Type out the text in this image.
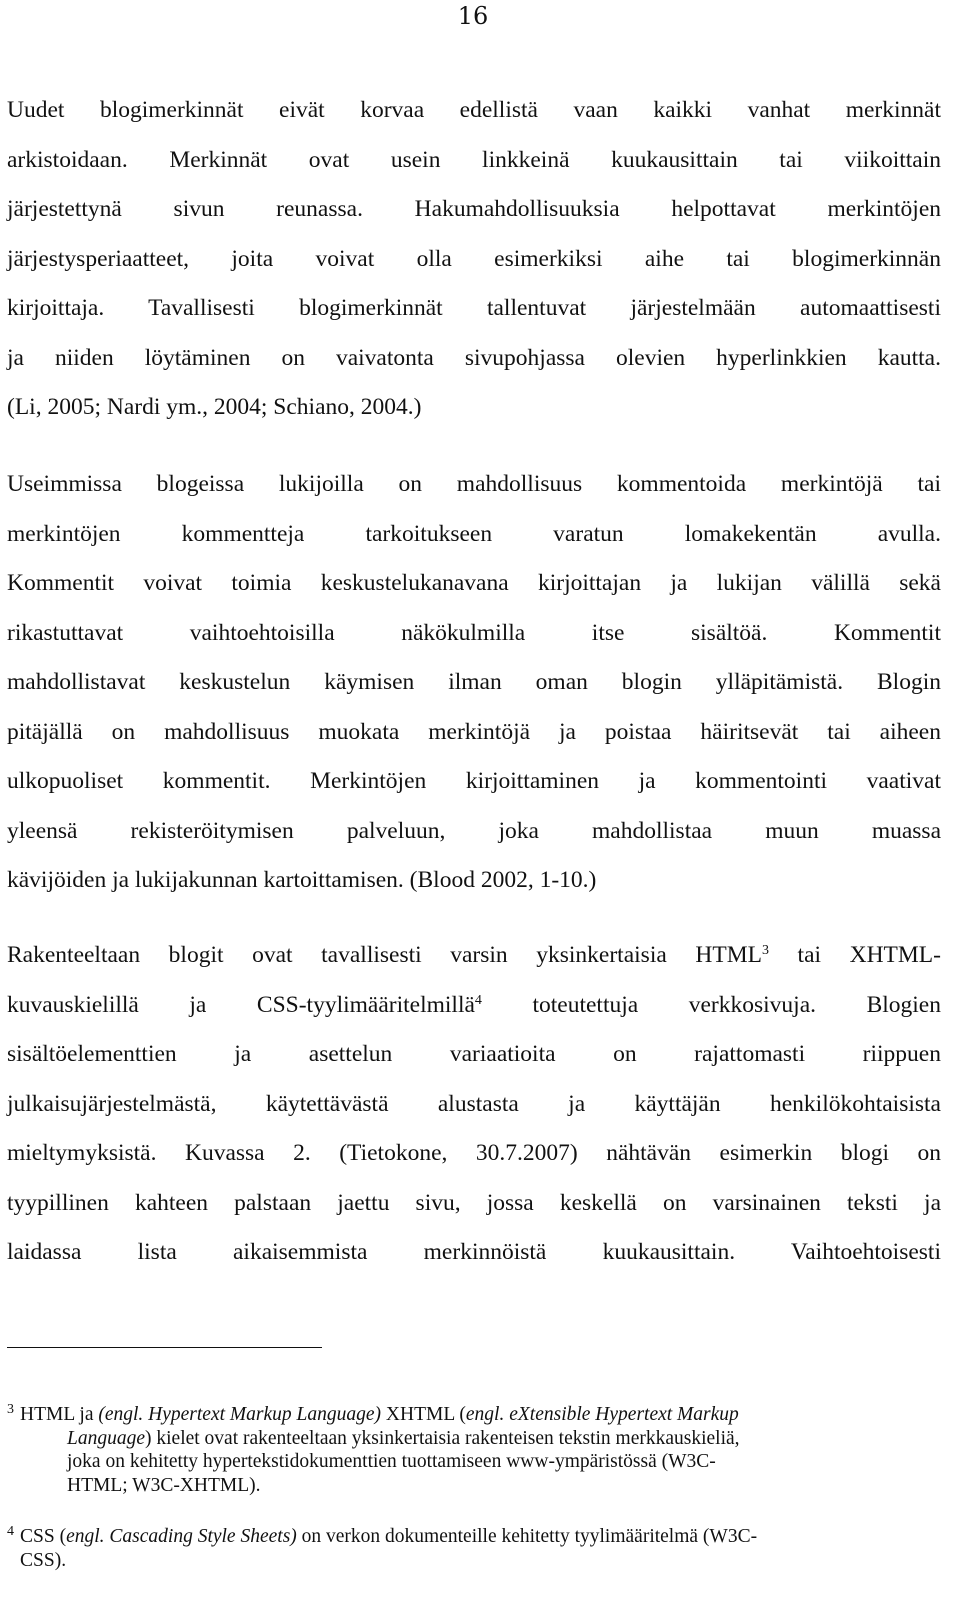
16
Uudet blogimerkinnät eivät korvaa edellistä vaan kaikki vanhat merkinnät
arkistoidaan. Merkinnät ovat usein linkkeinä kuukausittain tai viikoittain
järjestettynä sivun reunassa. Hakumahdollisuuksia helpottavat merkintöjen
järjestysperiaatteet, joita voivat olla esimerkiksi aihe tai blogimerkinnän
kirjoittaja. Tavallisesti blogimerkinnät tallentuvat järjestelmään automaattisesti
ja niiden löytäminen on vaivatonta sivupohjassa olevien hyperlinkkien kautta.
(Li, 2005; Nardi ym., 2004; Schiano, 2004.)
Useimmissa blogeissa lukijoilla on mahdollisuus kommentoida merkintöjä tai
merkintöjen kommentteja tarkoitukseen varatun lomakekentän avulla.
Kommentit voivat toimia keskustelukanavana kirjoittajan ja lukijan välillä sekä
rikastuttavat vaihtoehtoisilla näkökulmilla itse sisältöä. Kommentit
mahdollistavat keskustelun käymisen ilman oman blogin ylläpitämistä. Blogin
pitäjällä on mahdollisuus muokata merkintöjä ja poistaa häiritsevät tai aiheen
ulkopuoliset kommentit. Merkintöjen kirjoittaminen ja kommentointi vaativat
yleensä rekisteröitymisen palveluun, joka mahdollistaa muun muassa
kävijöiden ja lukijakunnan kartoittamisen. (Blood 2002, 1-10.)
Rakenteeltaan blogit ovat tavallisesti varsin yksinkertaisia HTML$^3$ tai XHTML-
kuvauskielillä ja CSS-tyylimääritelmillä$^4$ toteutettuja verkkosivuja. Blogien
sisältöelementtien ja asettelun variaatioita on rajattomasti riippuen
julkaisujärjestelmästä, käytettävästä alustasta ja käyttäjän henkilökohtaisista
mieltymyksistä. Kuvassa 2. (Tietokone, 30.7.2007) nähtävän esimerkin blogi on
tyypillinen kahteen palstaan jaettu sivu, jossa keskellä on varsinainen teksti ja
laidassa lista aikaisemmista merkinnöistä kuukausittain. Vaihtoehtoisesti
3 HTML ja (engl. Hypertext Markup Language) XHTML (engl. eXtensible Hypertext Markup
Language) kielet ovat rakenteeltaan yksinkertaisia rakenteisen tekstin merkkauskieliä,
joka on kehitetty hypertekstidokumenttien tuottamiseen www-ympäristössä (W3C-
HTML; W3C-XHTML).
4 CSS (engl. Cascading Style Sheets) on verkon dokumenteille kehitetty tyylimääritelmä (W3C-
CSS).
